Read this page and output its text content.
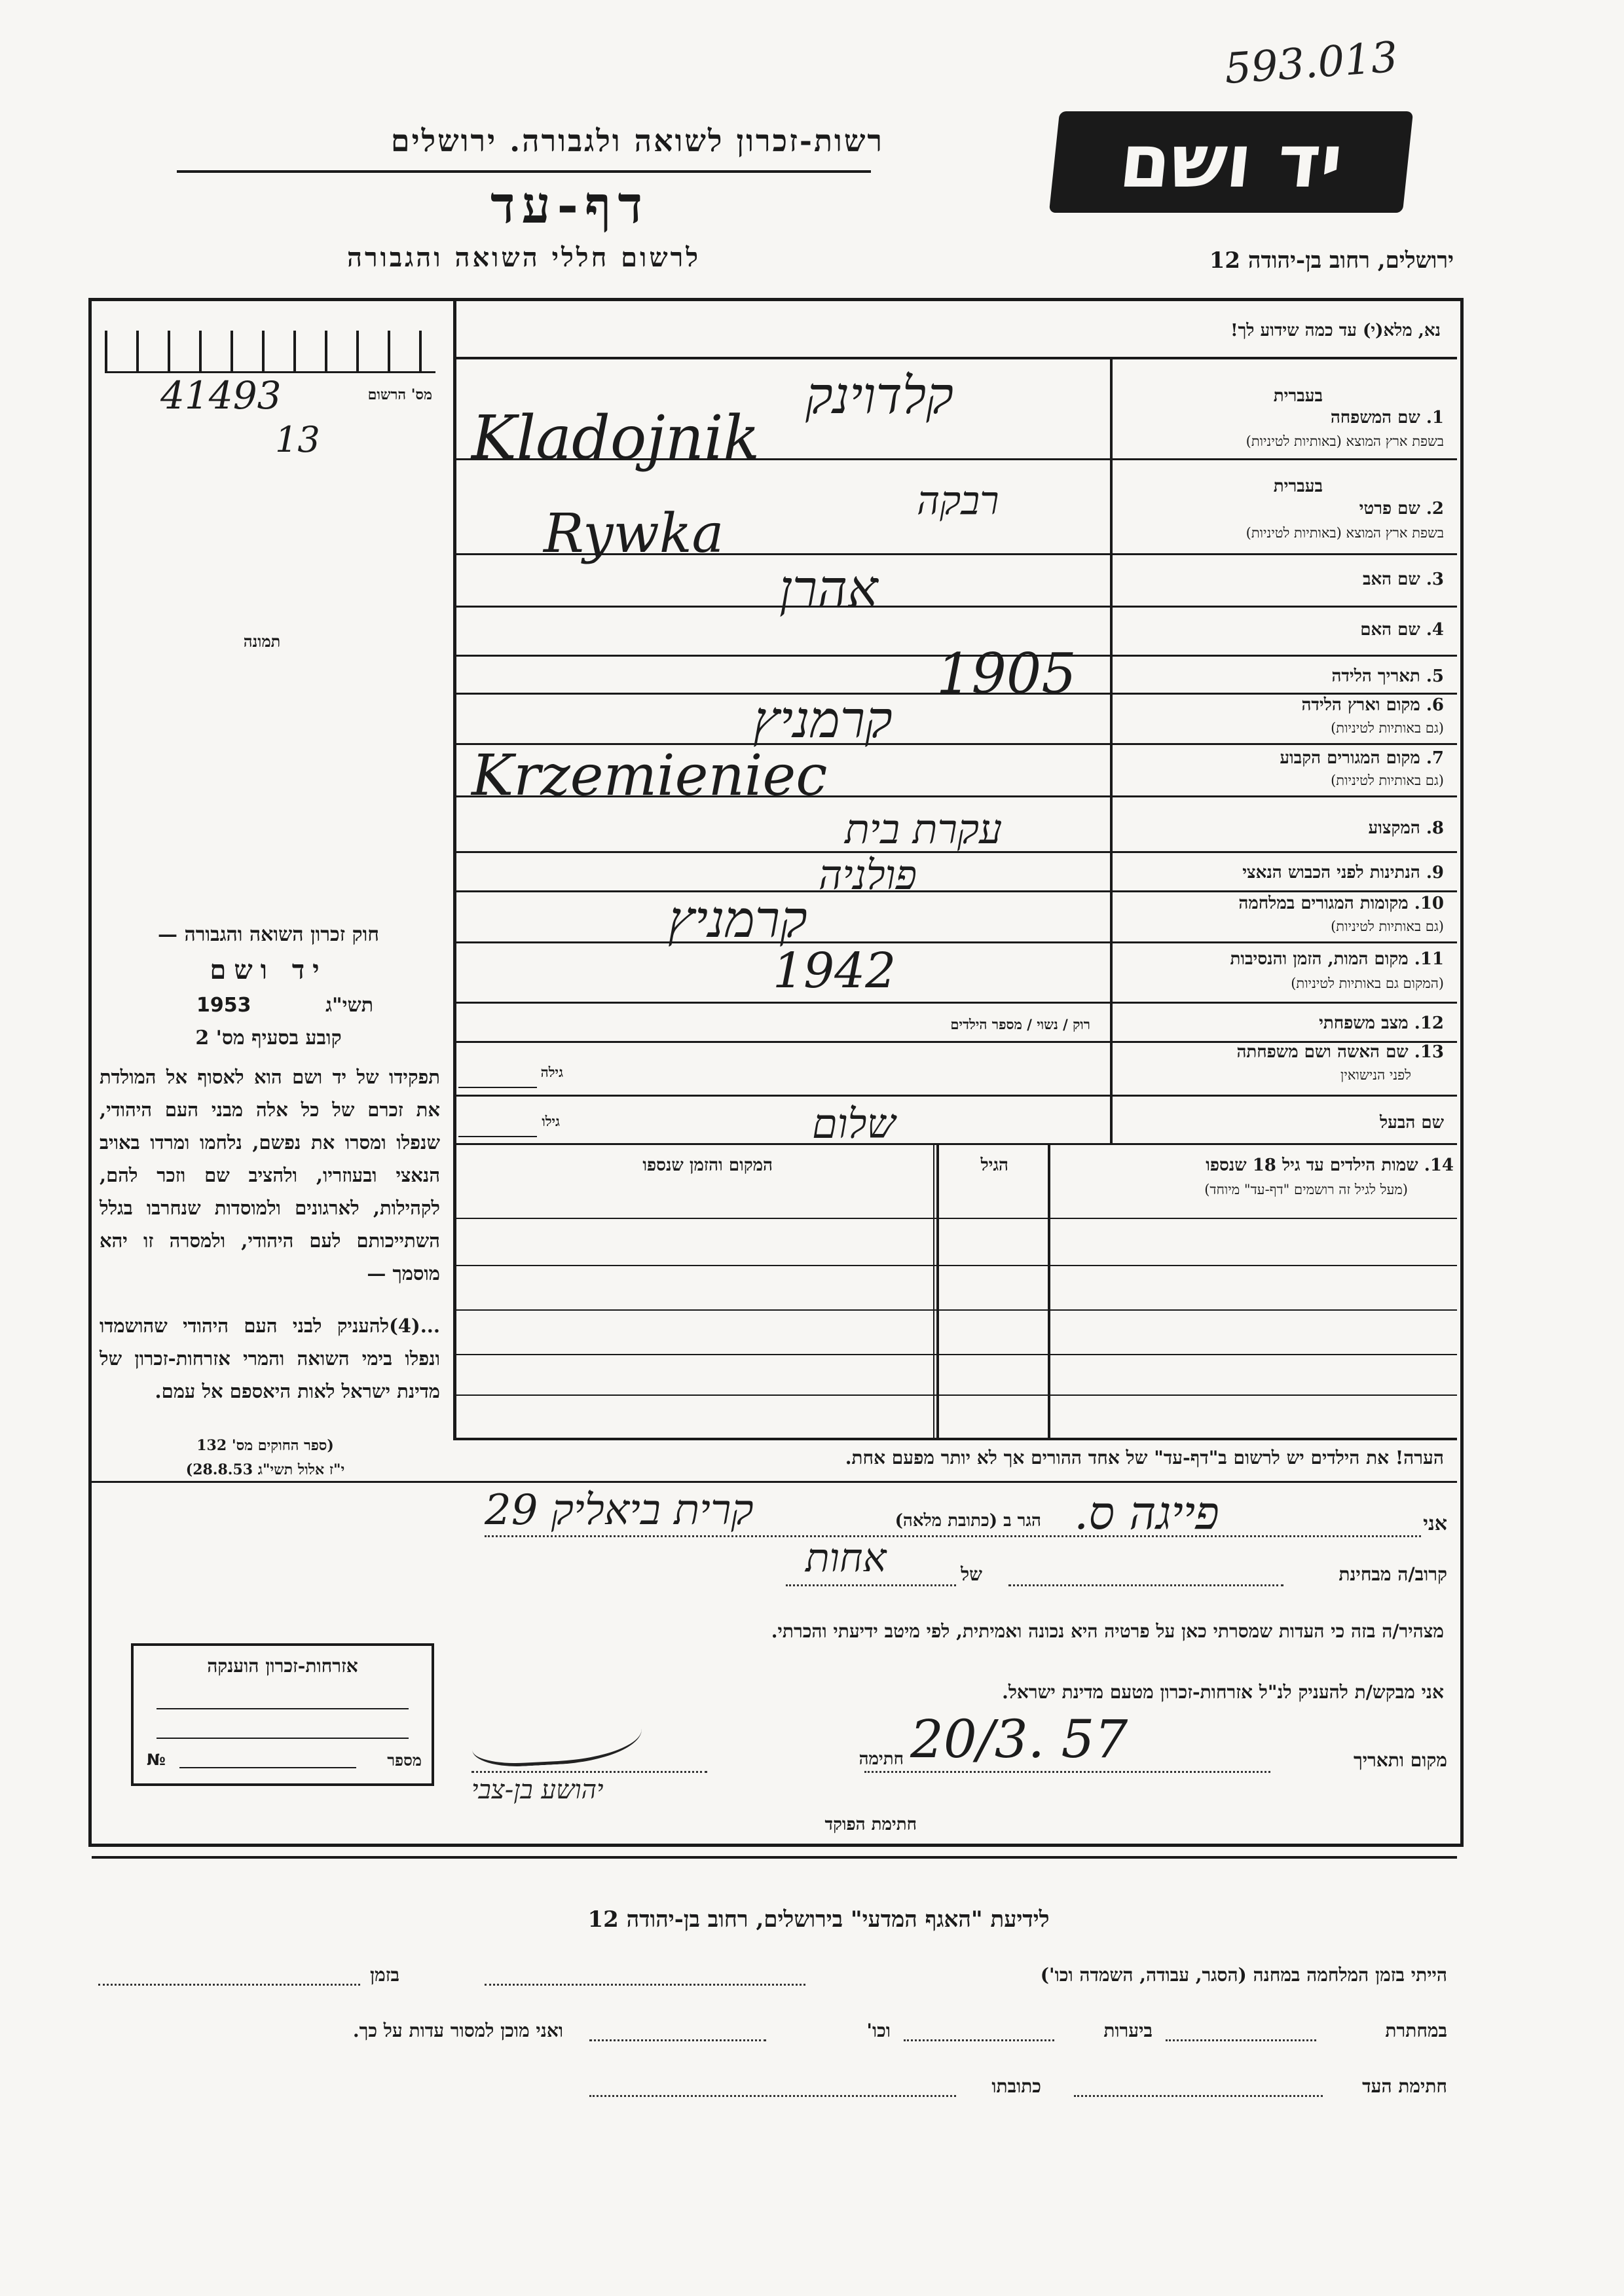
593.013
יד ושם
רשות-זכרון לשואה ולגבורה. ירושלים
דף-עד
לרשום חללי השואה והגבורה	ירושלים, רחוב בן-יהודה 12
נא, מלא(י) עד כמה שידוע לך!
מס' הרשום
41493
13
תמונה
חוק זכרון השואה והגבורה —
יד ושם
תשי"ג
1953
קובע בסעיף מס' 2
תפקידו של יד ושם הוא לאסוף אל המולדת את זכרם של כל אלה מבני העם היהודי, שנפלו ומסרו את נפשם, נלחמו ומרדו באויב הנאצי ובעוזריו, ולהציב שם וזכר להם, לקהילות, לארגונים ולמוסדות שנחרבו בגלל השתייכותם לעם היהודי, ולמסרה זו יהא מוסמך —
...(4)להעניק לבני העם היהודי שהושמדו ונפלו בימי השואה והמרי אזרחות-זכרון של מדינת ישראל לאות היאספם אל עמם.
(ספר החוקים מס' 132
י"ז אלול תשי"ג 28.8.53)
אזרחות-זכרון הוענקה
מספר
№
בעברית
1. שם המשפחה
בשפת ארץ המוצא (באותיות לטיניות)
בעברית
2. שם פרטי
בשפת ארץ המוצא (באותיות לטיניות)
3. שם האב
4. שם האם
5. תאריך הלידה
6. מקום וארץ הלידה
(גם באותיות לטיניות)
7. מקום המגורים הקבוע
(גם באותיות לטיניות)
8. המקצוע
9. הנתינות לפני הכבוש הנאצי
10. מקומות המגורים במלחמה
(גם באותיות לטיניות)
11. מקום המות, הזמן והנסיבות
(המקום גם באותיות לטיניות)
12. מצב משפחתי
רוק / נשוי / מספר הילדים
13. שם האשה ושם משפחתה
לפני הנישואין
גילה
שם הבעל
גילו
14. שמות הילדים עד גיל 18 שנספו
(מעל לגיל זה רושמים "דף-עד" מיוחד)
הגיל
המקום והזמן שנספו
קלדוינק
Kladojnik
רבקה
Rywka
אהרן
1905
קרמניץ
Krzemieniec
עקרת בית
פולניה
קרמניץ
1942
שלום
הערה! את הילדים יש לרשום ב"דף-עד" של אחד ההורים אך לא יותר מפעם אחת.
אני
פייגה ס.
הגר ב (כתובת מלאה)
קרית ביאליק 29
קרוב/ה מבחינת
של
אחות
מצהיר/ה בזה כי העדות שמסרתי כאן על פרטיה היא נכונה ואמיתית, לפי מיטב ידיעתי והכרתי.
אני מבקש/ת להעניק לנ"ל אזרחות-זכרון מטעם מדינת ישראל.
מקום ותאריך
20/3. 57
חתימה
יהושע בן-צבי
חתימת הפוקד
לידיעת "האגף המדעי" בירושלים, רחוב בן-יהודה 12
הייתי בזמן המלחמה במחנה (הסגר, עבודה, השמדה וכו')
בזמן
במחתרת
ביערות
וכו'
ואני מוכן למסור עדות על כך.
חתימת העד
כתובתו
